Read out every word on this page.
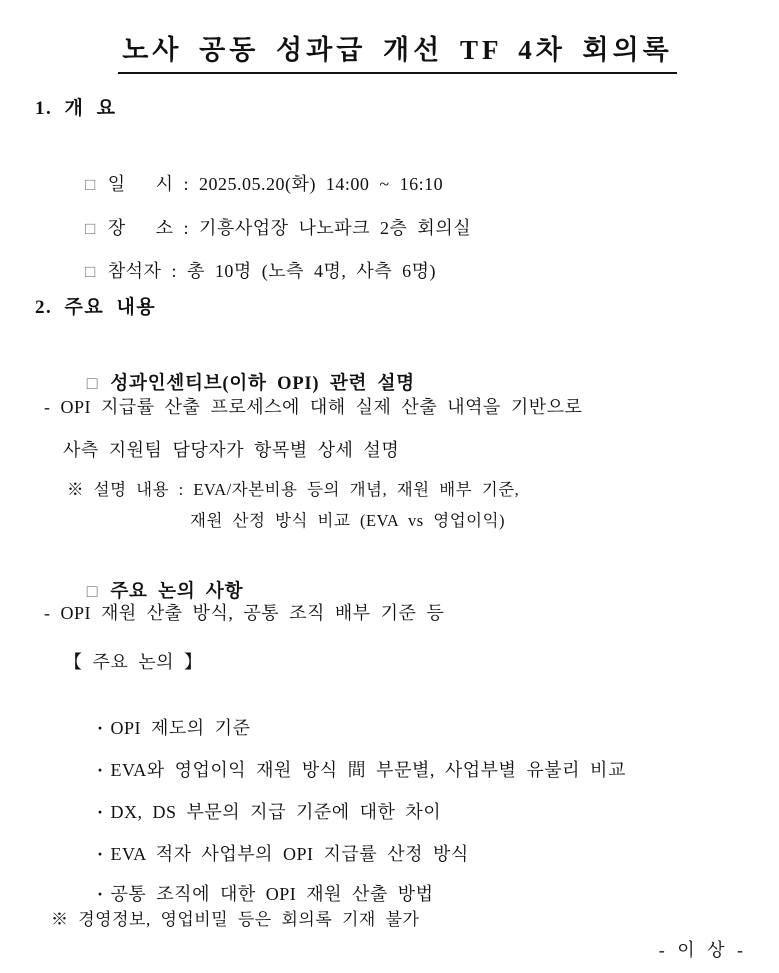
노사 공동 성과급 개선 TF 4차 회의록

1. 개 요

□ 일   시 : 2025.05.20(화) 14:00 ~ 16:10

□ 장   소 : 기흥사업장 나노파크 2층 회의실

□ 참석자 : 총 10명 (노측 4명, 사측 6명)

2. 주요 내용

□ 성과인센티브(이하 OPI) 관련 설명

- OPI 지급률 산출 프로세스에 대해 실제 산출 내역을 기반으로
사측 지원팀 담당자가 항목별 상세 설명
※ 설명 내용 : EVA/자본비용 등의 개념, 재원 배부 기준,
재원 산정 방식 비교 (EVA vs 영업이익)

□ 주요 논의 사항

- OPI 재원 산출 방식, 공통 조직 배부 기준 등
【 주요 논의 】

· OPI 제도의 기준

· EVA와 영업이익 재원 방식 間 부문별, 사업부별 유불리 비교

· DX, DS 부문의 지급 기준에 대한 차이

· EVA 적자 사업부의 OPI 지급률 산정 방식

· 공통 조직에 대한 OPI 재원 산출 방법

※ 경영정보, 영업비밀 등은 회의록 기재 불가
- 이 상 -
